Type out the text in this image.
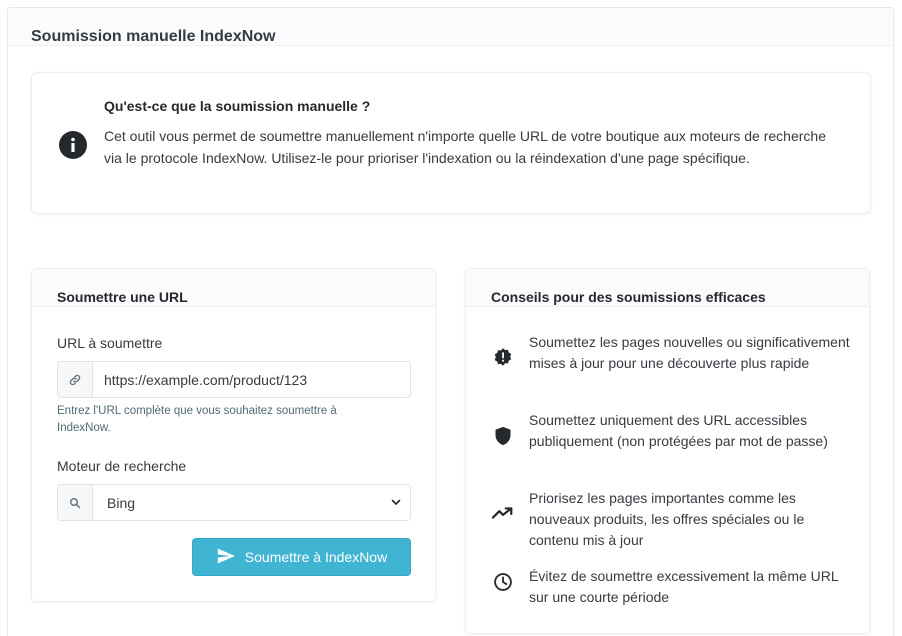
Soumission manuelle IndexNow
Qu'est-ce que la soumission manuelle ?
Cet outil vous permet de soumettre manuellement n'importe quelle URL de votre boutique aux moteurs de recherche via le protocole IndexNow. Utilisez-le pour prioriser l'indexation ou la réindexation d'une page spécifique.
Soumettre une URL
URL à soumettre
https://example.com/product/123
Entrez l'URL complète que vous souhaitez soumettre à IndexNow.
Moteur de recherche
Bing
Soumettre à IndexNow
Conseils pour des soumissions efficaces
Soumettez les pages nouvelles ou significativement mises à jour pour une découverte plus rapide
Soumettez uniquement des URL accessibles publiquement (non protégées par mot de passe)
Priorisez les pages importantes comme les nouveaux produits, les offres spéciales ou le contenu mis à jour
Évitez de soumettre excessivement la même URL sur une courte période
